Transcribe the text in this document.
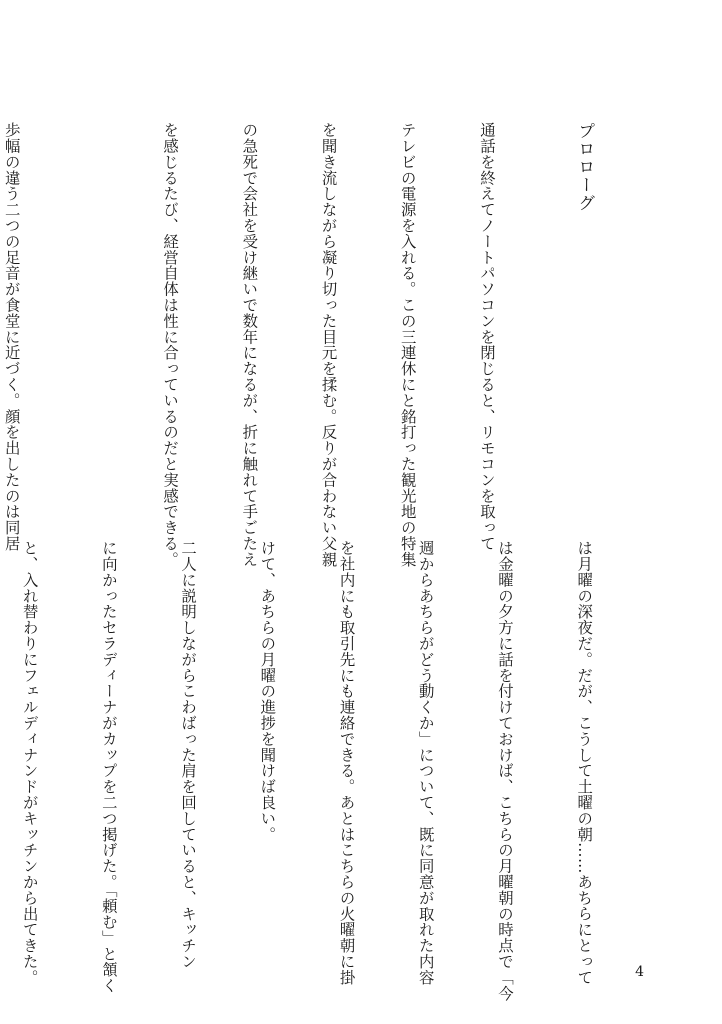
プロローグ

通話を終えてノートパソコンを閉じると、リモコンを取って

テレビの電源を入れる。この三連休にと銘打った観光地の特集

を聞き流しながら凝り切った目元を揉む。反りが合わない父親

の急死で会社を受け継いで数年になるが、折に触れて手ごたえ

を感じるたび、経営自体は性に合っているのだと実感できる。

歩幅の違う二つの足音が食堂に近づく。顔を出したのは同居

は月曜の深夜だ。だが、こうして土曜の朝……あちらにとって

は金曜の夕方に話を付けておけば、こちらの月曜朝の時点で「今

週からあちらがどう動くか」について、既に同意が取れた内容

を社内にも取引先にも連絡できる。あとはこちらの火曜朝に掛

けて、あちらの月曜の進捗を聞けば良い。

二人に説明しながらこわばった肩を回していると、キッチン

に向かったセラディーナがカップを二つ掲げた。「頼む」と頷く

と、入れ替わりにフェルディナンドがキッチンから出てきた。

	4
